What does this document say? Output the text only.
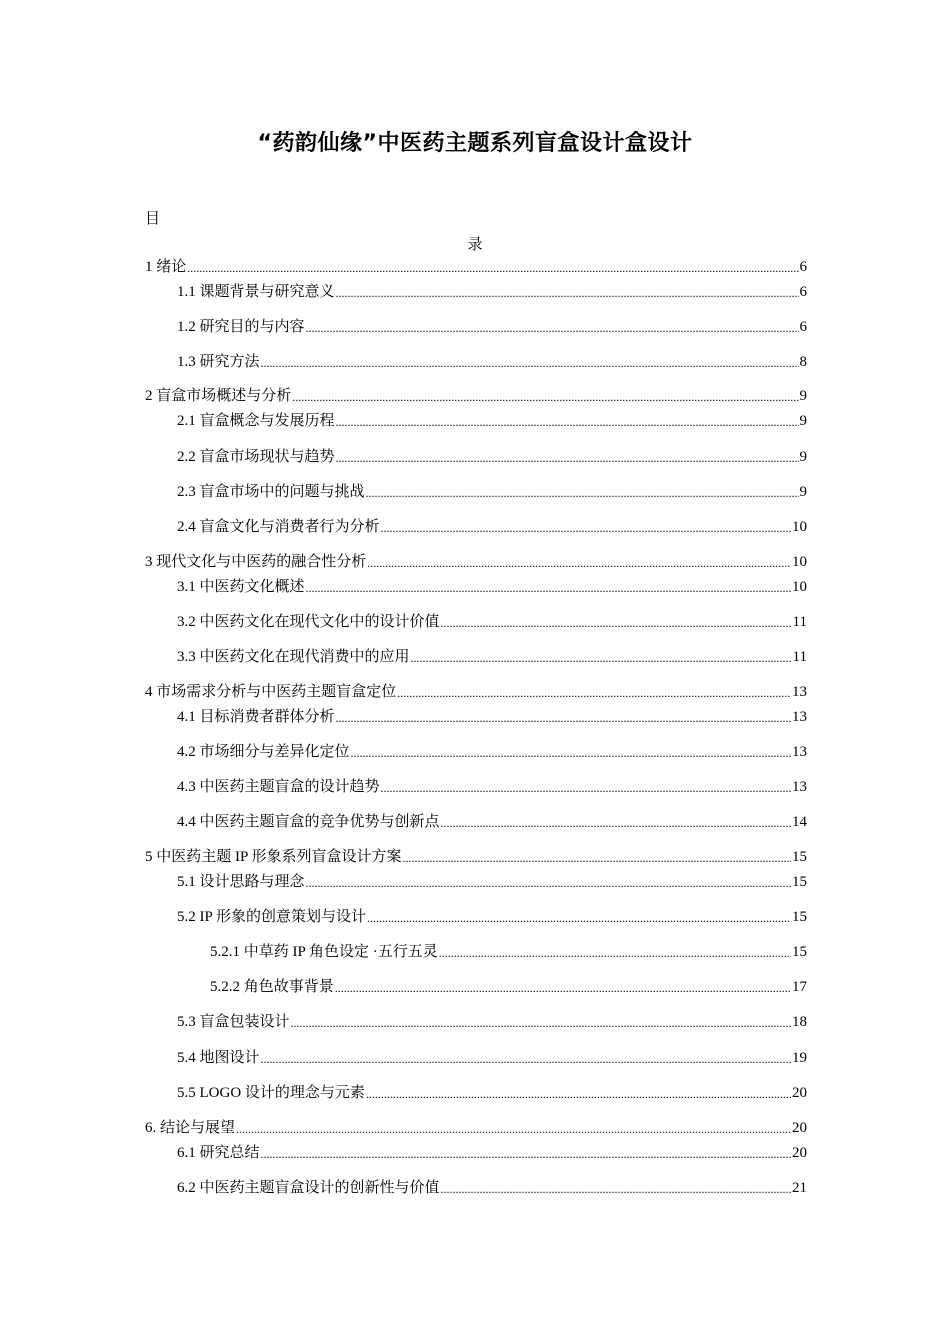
“药韵仙缘”中医药主题系列盲盒设计盒设计
目
录
1 绪论 .....	6
1.1 课题背景与研究意义 .....	6
1.2 研究目的与内容 .....	6
1.3 研究方法 .....	8
2 盲盒市场概述与分析 .....	9
2.1 盲盒概念与发展历程 .....	9
2.2 盲盒市场现状与趋势 .....	9
2.3 盲盒市场中的问题与挑战 .....	9
2.4 盲盒文化与消费者行为分析 .....	10
3 现代文化与中医药的融合性分析 .....	10
3.1 中医药文化概述 .....	10
3.2 中医药文化在现代文化中的设计价值 .....	11
3.3 中医药文化在现代消费中的应用 .....	11
4 市场需求分析与中医药主题盲盒定位 .....	13
4.1 目标消费者群体分析 .....	13
4.2 市场细分与差异化定位 .....	13
4.3 中医药主题盲盒的设计趋势 .....	13
4.4 中医药主题盲盒的竞争优势与创新点 .....	14
5 中医药主题 IP 形象系列盲盒设计方案 .....	15
5.1 设计思路与理念 .....	15
5.2 IP 形象的创意策划与设计 .....	15
5.2.1 中草药 IP 角色设定 ·五行五灵 .....	15
5.2.2 角色故事背景 .....	17
5.3 盲盒包装设计 .....	18
5.4 地图设计 .....	19
5.5 LOGO 设计的理念与元素 .....	20
6. 结论与展望 .....	20
6.1 研究总结 .....	20
6.2 中医药主题盲盒设计的创新性与价值 .....	21
